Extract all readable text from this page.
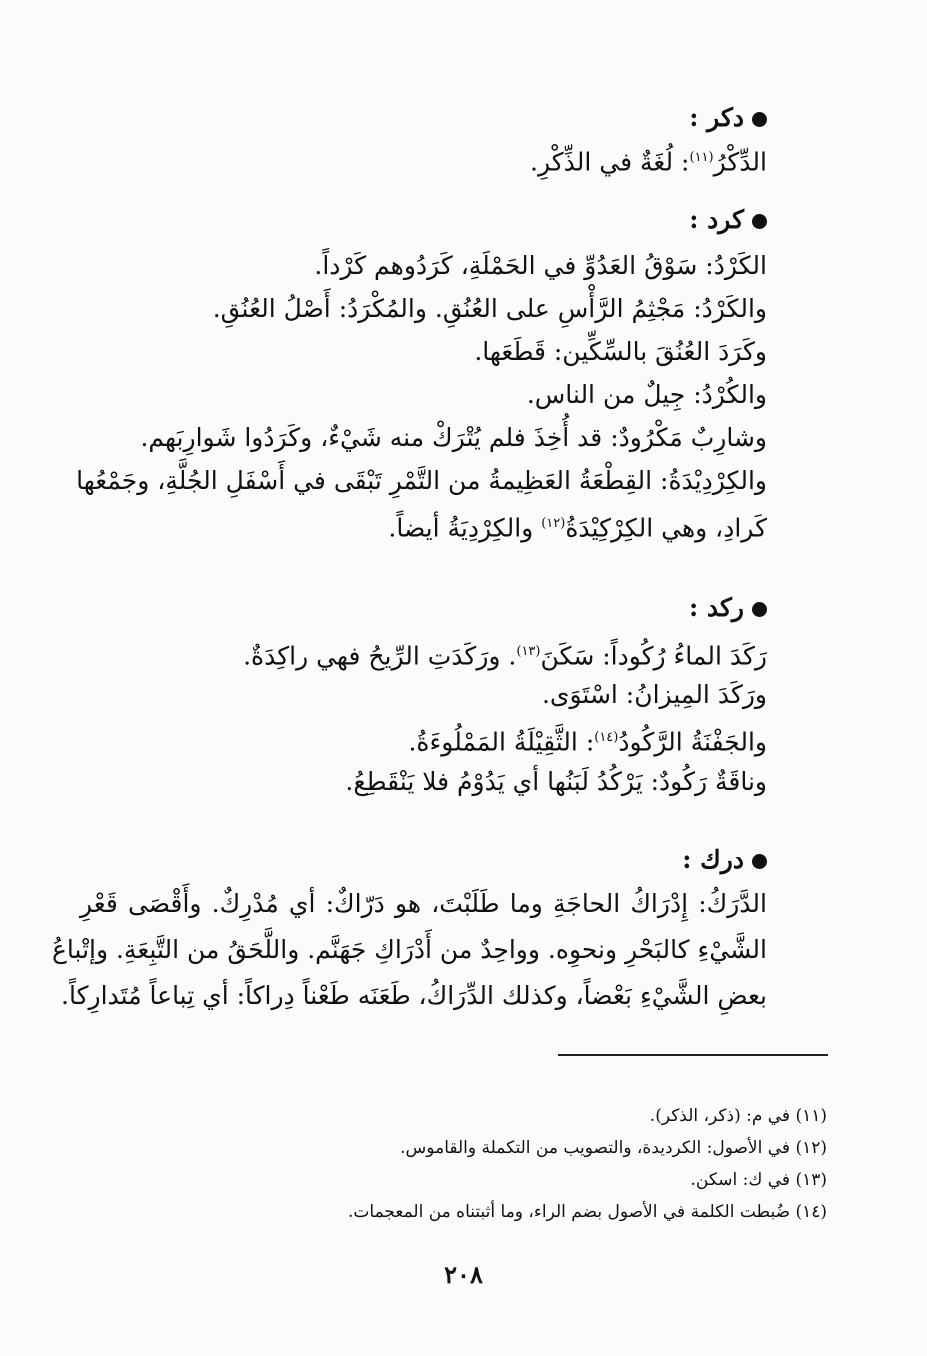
دكر :
الدِّكْرُ$^{(١١)}$: لُغَةٌ في الذِّكْرِ.
كرد :
الكَرْدُ: سَوْقُ العَدُوِّ في الحَمْلَةِ، كَرَدُوهم كَرْداً.
والكَرْدُ: مَجْثِمُ الرَّأْسِ على العُنُقِ. والمُكْرَدُ: أَصْلُ العُنُقِ.
وكَرَدَ العُنُقَ بالسِّكِّين: قَطَعَها.
والكُرْدُ: جِيلٌ من الناس.
وشارِبٌ مَكْرُودٌ: قد أُخِذَ فلم يُتْرَكْ منه شَيْءٌ، وكَرَدُوا شَوارِبَهم.
والكِرْدِيْدَةُ: القِطْعَةُ العَظِيمةُ من التَّمْرِ تَبْقَى في أَسْفَلِ الجُلَّةِ، وجَمْعُها
كَرادِ، وهي الكِرْكِيْدَةُ$^{(١٢)}$ والكِرْدِيَةُ أيضاً.
ركد :
رَكَدَ الماءُ رُكُوداً: سَكَنَ$^{(١٣)}$. ورَكَدَتِ الرِّيحُ فهي راكِدَةٌ.
ورَكَدَ المِيزانُ: اسْتَوَى.
والجَفْنَةُ الرَّكُودُ$^{(١٤)}$: الثَّقِيْلَةُ المَمْلُوءَةُ.
وناقَةٌ رَكُودٌ: يَرْكُدُ لَبَنُها أي يَدُوْمُ فلا يَنْقَطِعُ.
درك :
الدَّرَكُ: إِدْرَاكُ الحاجَةِ وما طَلَبْتَ، هو دَرّاكٌ: أي مُدْرِكٌ. وأَقْصَى قَعْرِ
الشَّيْءِ كالبَحْرِ ونحوِه. وواحِدٌ من أَدْرَاكِ جَهَنَّم. واللَّحَقُ من التَّبِعَةِ. وإتْباعُ
بعضِ الشَّيْءِ بَعْضاً، وكذلك الدِّرَاكُ، طَعَنَه طَعْناً دِراكاً: أي تِباعاً مُتَدارِكاً.
(١١) في م: (ذكر، الذكر).
(١٢) في الأصول: الكرديدة، والتصويب من التكملة والقاموس.
(١٣) في ك: اسكن.
(١٤) ضُبطت الكلمة في الأصول بضم الراء، وما أثبتناه من المعجمات.
٢٠٨
